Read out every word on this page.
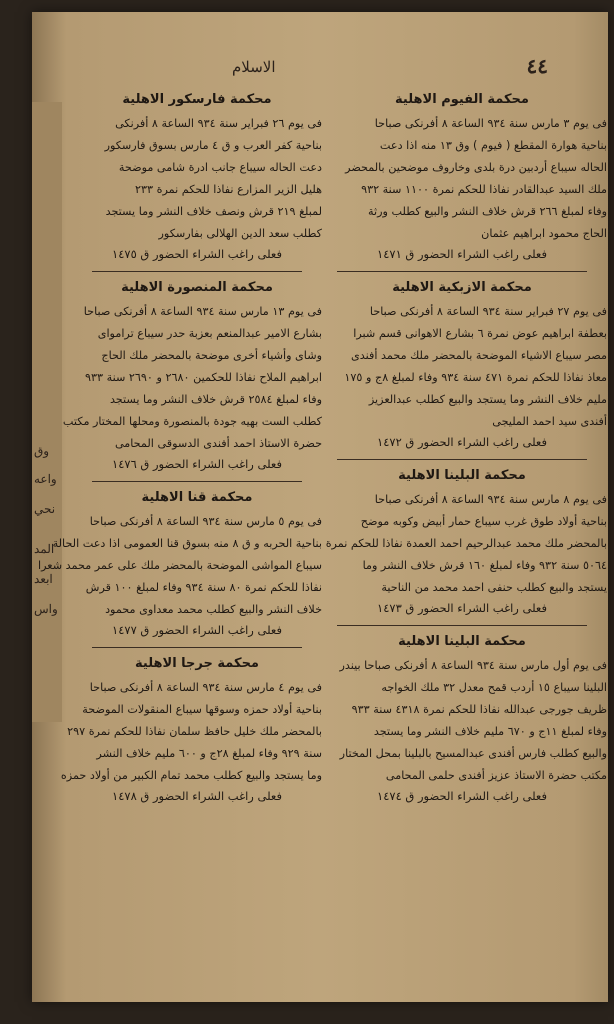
وق
واعه
نحي
المد
ابعد
واس
الاسلام	٤٤
محكمة الفيوم الاهلية
فى يوم ٣ مارس سنة ٩٣٤ الساعة ٨ أفرنكى صباحا
بناحية هوارة المقطع ( فيوم ) وق ١٣ منه اذا دعت
الحاله سيباع أردبين درة بلدى وخاروف موضحين بالمحضر
ملك السيد عبدالقادر نفاذا للحكم نمرة ١١٠٠ سنة ٩٣٢
وفاء لمبلغ ٢٦٦ قرش خلاف النشر والبيع كطلب ورثة
الحاج محمود ابراهيم عثمان
فعلى راغب الشراء الحضور ق ١٤٧١
محكمة الازبكية الاهلية
فى يوم ٢٧ فبراير سنة ٩٣٤ الساعة ٨ أفرنكى صباحا
بعطفة ابراهيم عوض نمرة ٦ بشارع الاهوانى قسم شبرا
مصر سيباع الاشياء الموضحة بالمحضر ملك محمد أفندى
معاذ نفاذا للحكم نمرة ٤٧١ سنة ٩٣٤ وفاء لمبلغ ٨ج و ١٧٥
مليم خلاف النشر وما يستجد والبيع كطلب عبدالعزيز
أفندى سيد احمد المليجى
فعلى راغب الشراء الحضور ق ١٤٧٢
محكمة البلينا الاهلية
فى يوم ٨ مارس سنة ٩٣٤ الساعة ٨ أفرنكى صباحا
بناحية أولاد طوق غرب سيباع حمار أبيض وكوبه موضح
بالمحضر ملك محمد عبدالرحيم احمد العمدة نفاذا للحكم نمرة
٥٠٦٤ سنة ٩٣٢ وفاء لمبلغ ١٦٠ قرش خلاف النشر وما
يستجد والبيع كطلب حنفى احمد محمد من الناحية
فعلى راغب الشراء الحضور ق ١٤٧٣
محكمة البلينا الاهلية
فى يوم أول مارس سنة ٩٣٤ الساعة ٨ أفرنكى صباحا بيندر
البلينا سيباع ١٥ أردب قمح معدل ٣٢ ملك الخواجه
ظريف جورجى عبدالله نفاذا للحكم نمرة ٤٣١٨ سنة ٩٣٣
وفاء لمبلغ ١١ج و ٦٧٠ مليم خلاف النشر وما يستجد
والبيع كطلب فارس أفندى عبدالمسيح بالبلينا بمحل المختار
مكتب حضرة الاستاذ عزيز أفندى حلمى المحامى
فعلى راغب الشراء الحضور ق ١٤٧٤
محكمة فارسكور الاهلية
فى يوم ٢٦ فبراير سنة ٩٣٤ الساعة ٨ أفرنكى
بناحية كفر العرب و ق ٤ مارس بسوق فارسكور
دعت الحاله سيباع جانب ادرة شامى موضحة
هليل الزير المزارع نفاذا للحكم نمرة ٢٣٣
لمبلغ ٢١٩ قرش ونصف خلاف النشر وما يستجد
كطلب سعد الدين الهلالى بفارسكور
فعلى راغب الشراء الحضور ق ١٤٧٥
محكمة المنصورة الاهلية
فى يوم ١٣ مارس سنة ٩٣٤ الساعة ٨ أفرنكى صباحا
بشارع الامير عبدالمنعم بعزبة حدر سيباع ترامواى
وشاى وأشياء أخرى موضحة بالمحضر ملك الحاج
ابراهيم الملاح نفاذا للحكمين ٢٦٨٠ و ٢٦٩٠ سنة ٩٣٣
وفاء لمبلغ ٢٥٨٤ قرش خلاف النشر وما يستجد
كطلب الست بهيه جودة بالمنصورة ومحلها المختار مكتب
حضرة الاستاذ احمد أفندى الدسوقى المحامى
فعلى راغب الشراء الحضور ق ١٤٧٦
محكمة قنا الاهلية
فى يوم ٥ مارس سنة ٩٣٤ الساعة ٨ أفرنكى صباحا
بناحية الحربه و ق ٨ منه بسوق قنا العمومى اذا دعت الحالة
سيباع المواشى الموضحة بالمحضر ملك على عمر محمد شعرا
نفاذا للحكم نمرة ٨٠ سنة ٩٣٤ وفاء لمبلغ ١٠٠ قرش
خلاف النشر والبيع كطلب محمد معداوى محمود
فعلى راغب الشراء الحضور ق ١٤٧٧
محكمة جرجا الاهلية
فى يوم ٤ مارس سنة ٩٣٤ الساعة ٨ أفرنكى صباحا
بناحية أولاد حمزه وسوقها سيباع المنقولات الموضحة
بالمحضر ملك خليل حافظ سلمان نفاذا للحكم نمرة ٢٩٧
سنة ٩٢٩ وفاء لمبلغ ٢٨ج و ٦٠٠ مليم خلاف النشر
وما يستجد والبيع كطلب محمد تمام الكبير من أولاد حمزه
فعلى راغب الشراء الحضور ق ١٤٧٨
